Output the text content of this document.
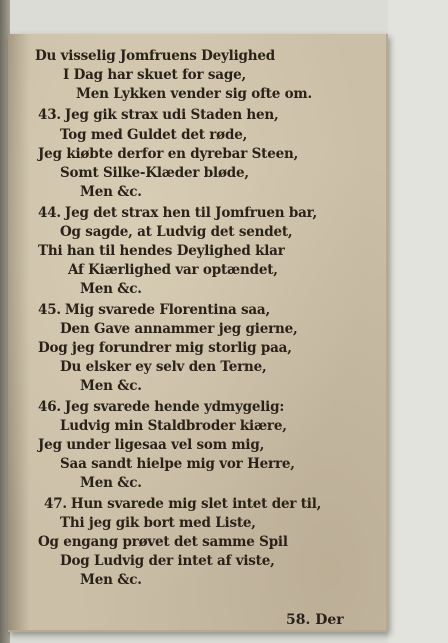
Du visselig Jomfruens Deylighed
I Dag har skuet for sage,
Men Lykken vender sig ofte om.
43. Jeg gik strax udi Staden hen,
Tog med Guldet det røde,
Jeg kiøbte derfor en dyrebar Steen,
Somt Silke-Klæder bløde,
Men &c.
44. Jeg det strax hen til Jomfruen bar,
Og sagde, at Ludvig det sendet,
Thi han til hendes Deylighed klar
Af Kiærlighed var optændet,
Men &c.
45. Mig svarede Florentina saa,
Den Gave annammer jeg gierne,
Dog jeg forundrer mig storlig paa,
Du elsker ey selv den Terne,
Men &c.
46. Jeg svarede hende ydmygelig:
Ludvig min Staldbroder kiære,
Jeg under ligesaa vel som mig,
Saa sandt hielpe mig vor Herre,
Men &c.
47. Hun svarede mig slet intet der til,
Thi jeg gik bort med Liste,
Og engang prøvet det samme Spil
Dog Ludvig der intet af viste,
Men &c.
58. Der
